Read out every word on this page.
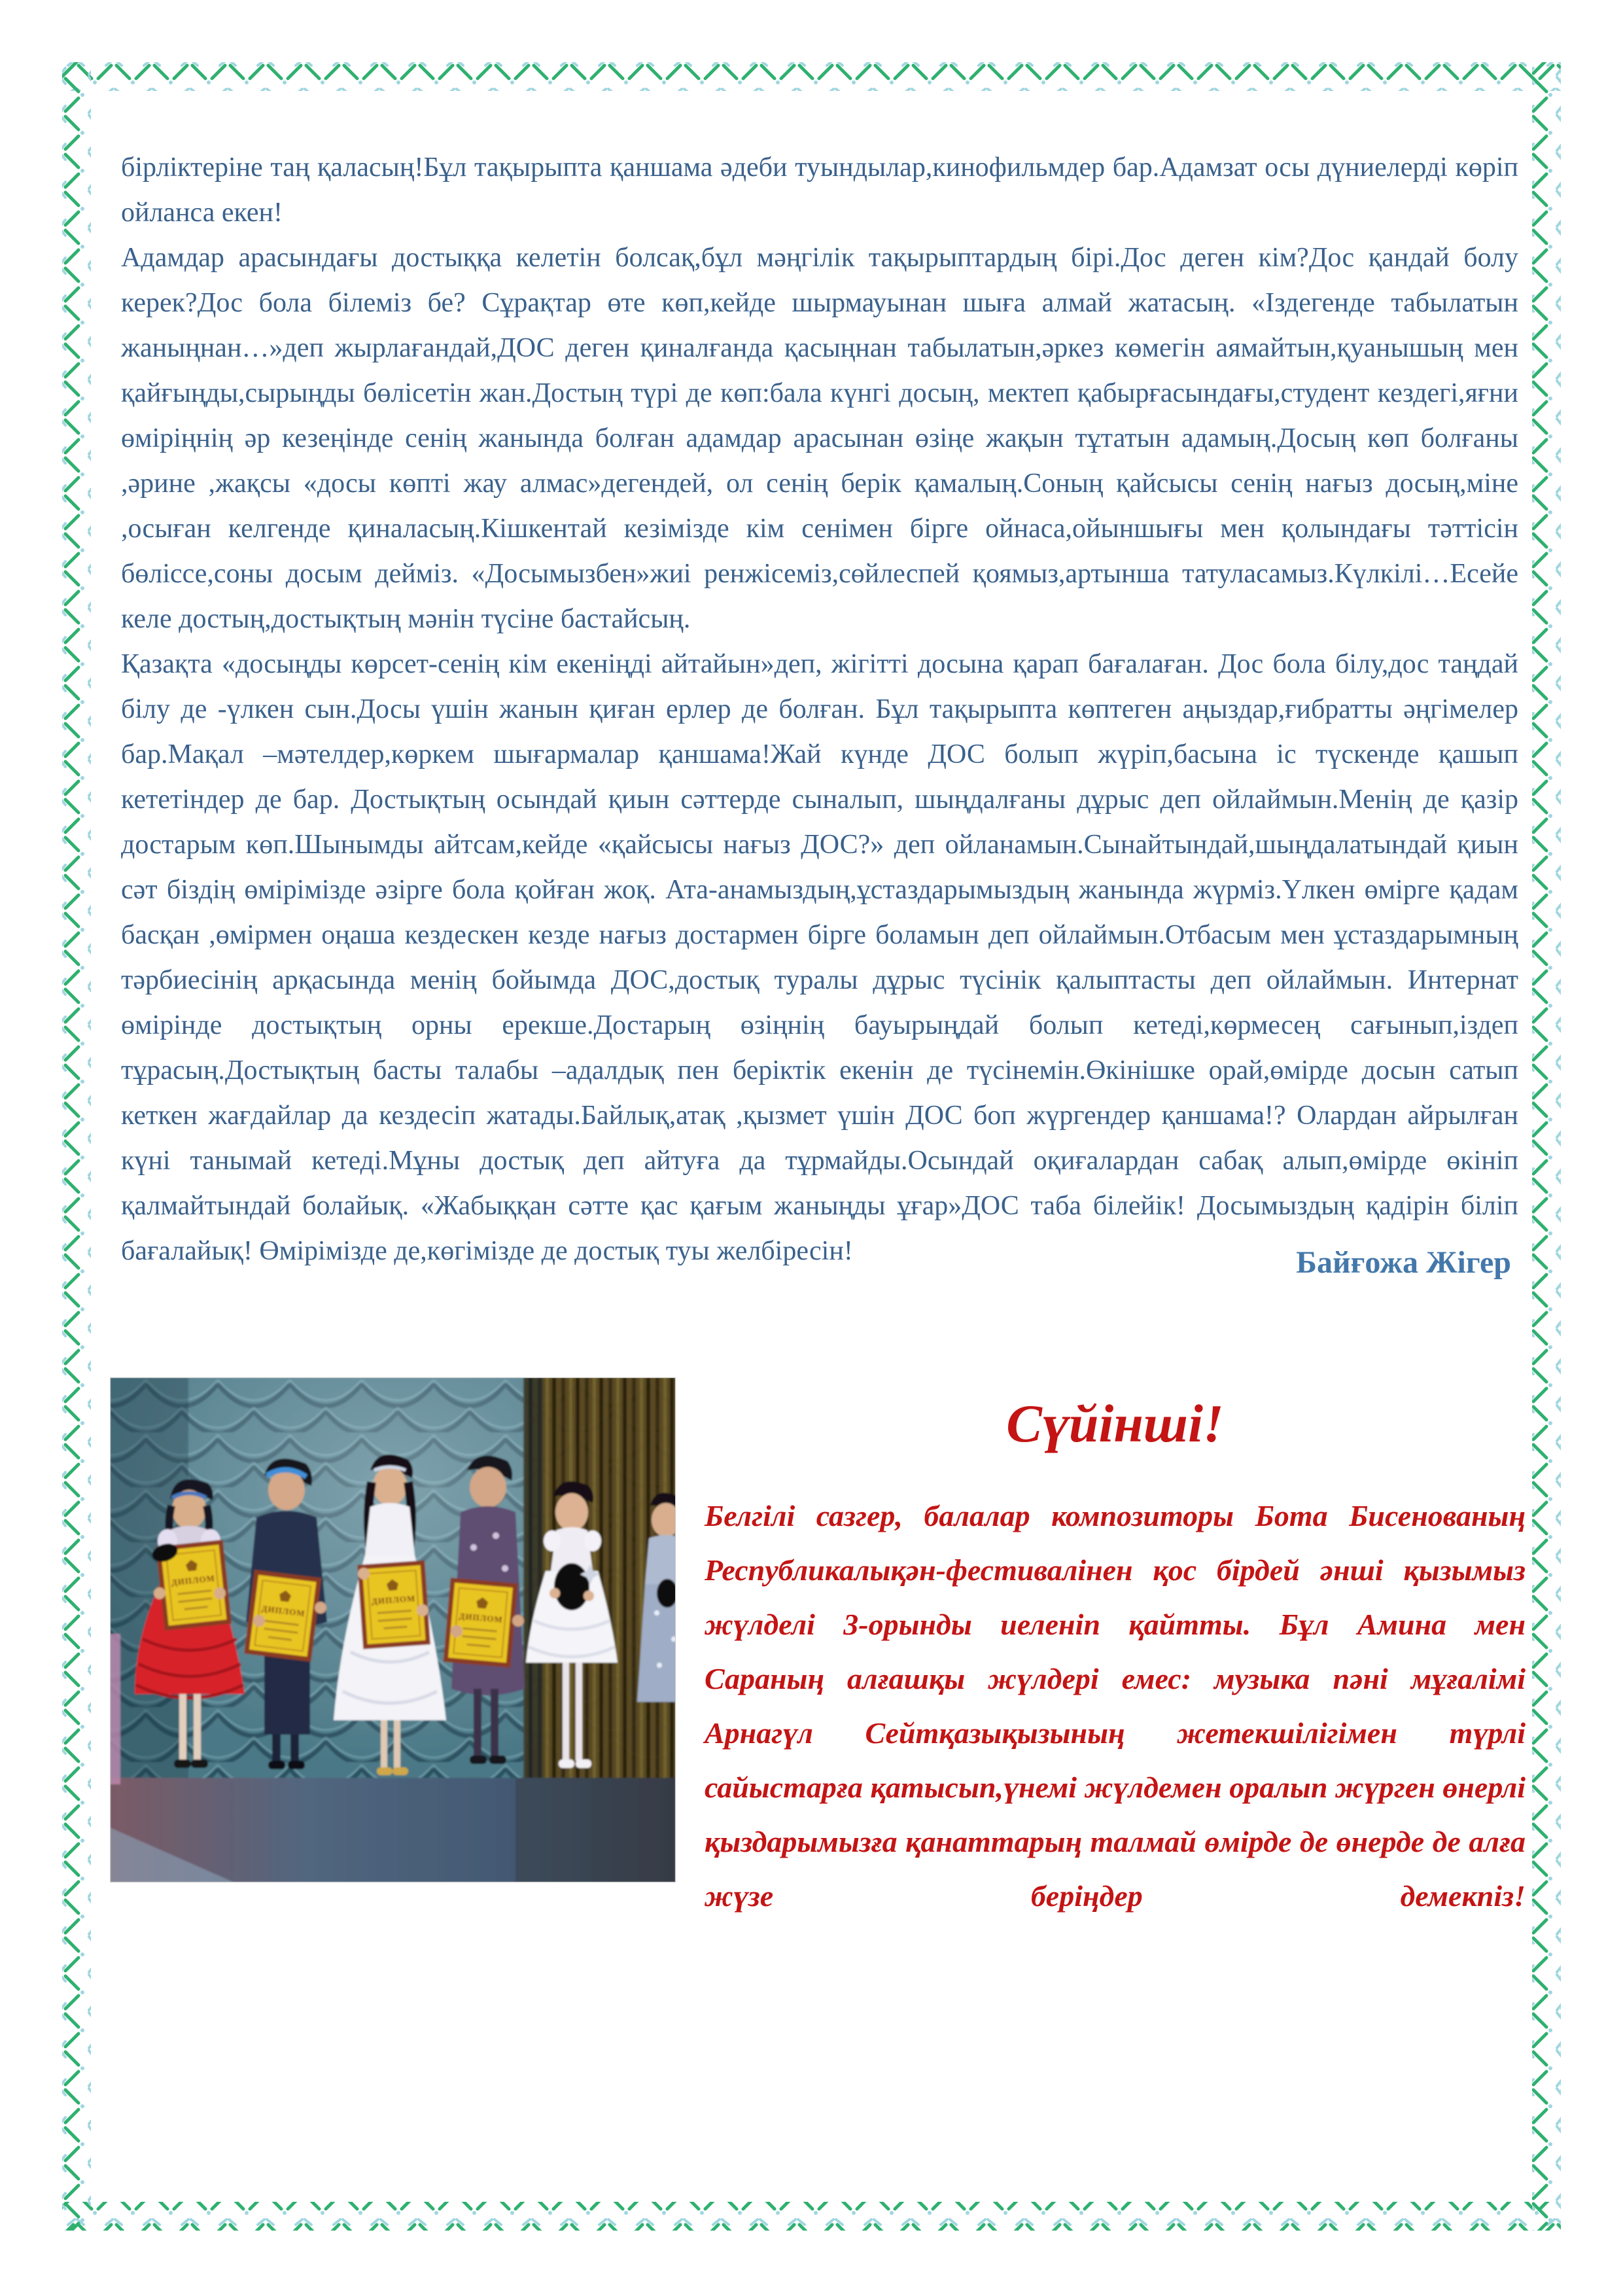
бірліктеріне таң қаласың!Бұл тақырыпта қаншама әдеби туындылар,кинофильмдер бар.Адамзат осы дүниелерді көріп ойланса екен!

Адамдар арасындағы достыққа келетін болсақ,бұл мәңгілік тақырыптардың бірі.Дос деген кім?Дос қандай болу керек?Дос бола білеміз бе? Сұрақтар өте көп,кейде шырмауынан шыға алмай жатасың. «Іздегенде табылатын жаныңнан…»деп жырлағандай,ДОС деген қиналғанда қасыңнан табылатын,әркез көмегін аямайтын,қуанышың мен қайғыңды,сырыңды бөлісетін жан.Достың түрі де көп:бала күнгі досың, мектеп қабырғасындағы,студент кездегі,яғни өміріңнің әр кезеңінде сенің жанында болған адамдар арасынан өзіңе жақын тұтатын адамың.Досың көп болғаны ,әрине ,жақсы «досы көпті жау алмас»дегендей, ол сенің берік қамалың.Соның қайсысы сенің нағыз досың,міне ,осыған келгенде қиналасың.Кішкентай кезімізде кім сенімен бірге ойнаса,ойыншығы мен қолындағы тәттісін бөліссе,соны досым дейміз. «Досымызбен»жиі ренжісеміз,сөйлеспей қоямыз,артынша татуласамыз.Күлкілі…Есейе келе достың,достықтың мәнін түсіне бастайсың.

Қазақта «досыңды көрсет-сенің кім екеніңді айтайын»деп, жігітті досына қарап бағалаған. Дос бола білу,дос таңдай білу де -үлкен сын.Досы үшін жанын қиған ерлер де болған. Бұл тақырыпта көптеген аңыздар,ғибратты әңгімелер бар.Мақал –мәтелдер,көркем шығармалар қаншама!Жай күнде ДОС болып жүріп,басына іс түскенде қашып кететіндер де бар. Достықтың осындай қиын сәттерде сыналып, шыңдалғаны дұрыс деп ойлаймын.Менің де қазір достарым көп.Шынымды айтсам,кейде «қайсысы нағыз ДОС?» деп ойланамын.Сынайтындай,шыңдалатындай қиын сәт біздің өмірімізде әзірге бола қойған жоқ. Ата-анамыздың,ұстаздарымыздың жанында жүрміз.Үлкен өмірге қадам басқан ,өмірмен оңаша кездескен кезде нағыз достармен бірге боламын деп ойлаймын.Отбасым мен ұстаздарымның тәрбиесінің арқасында менің бойымда ДОС,достық туралы дұрыс түсінік қалыптасты деп ойлаймын. Интернат өмірінде достықтың орны ерекше.Достарың өзіңнің бауырыңдай болып кетеді,көрмесең сағынып,іздеп тұрасың.Достықтың басты талабы –адалдық пен беріктік екенін де түсінемін.Өкінішке орай,өмірде досын сатып кеткен жағдайлар да кездесіп жатады.Байлық,атақ ,қызмет үшін ДОС боп жүргендер қаншама!? Олардан айрылған күні танымай кетеді.Мұны достық деп айтуға да тұрмайды.Осындай оқиғалардан сабақ алып,өмірде өкініп қалмайтындай болайық. «Жабыққан сәтте қас қағым жаныңды ұғар»ДОС таба білейік! Досымыздың қадірін біліп бағалайық! Өмірімізде де,көгімізде де достық туы желбіресін!	Байғожа Жігер
Сүйінші!

Белгілі сазгер, балалар композиторы Бота Бисенованың Республикалықән-фестивалінен қос бірдей әнші қызымыз жүлделі 3-орынды иеленіп қайтты. Бұл Амина мен Сараның алғашқы жүлдері емес: музыка пәні мұғалімі Арнагүл Сейтқазықызының жетекшілігімен түрлі сайыстарға қатысып,үнемі жүлдемен оралып жүрген өнерлі қыздарымызға қанаттарың талмай өмірде де өнерде де алға жүзе беріңдер демекпіз!
